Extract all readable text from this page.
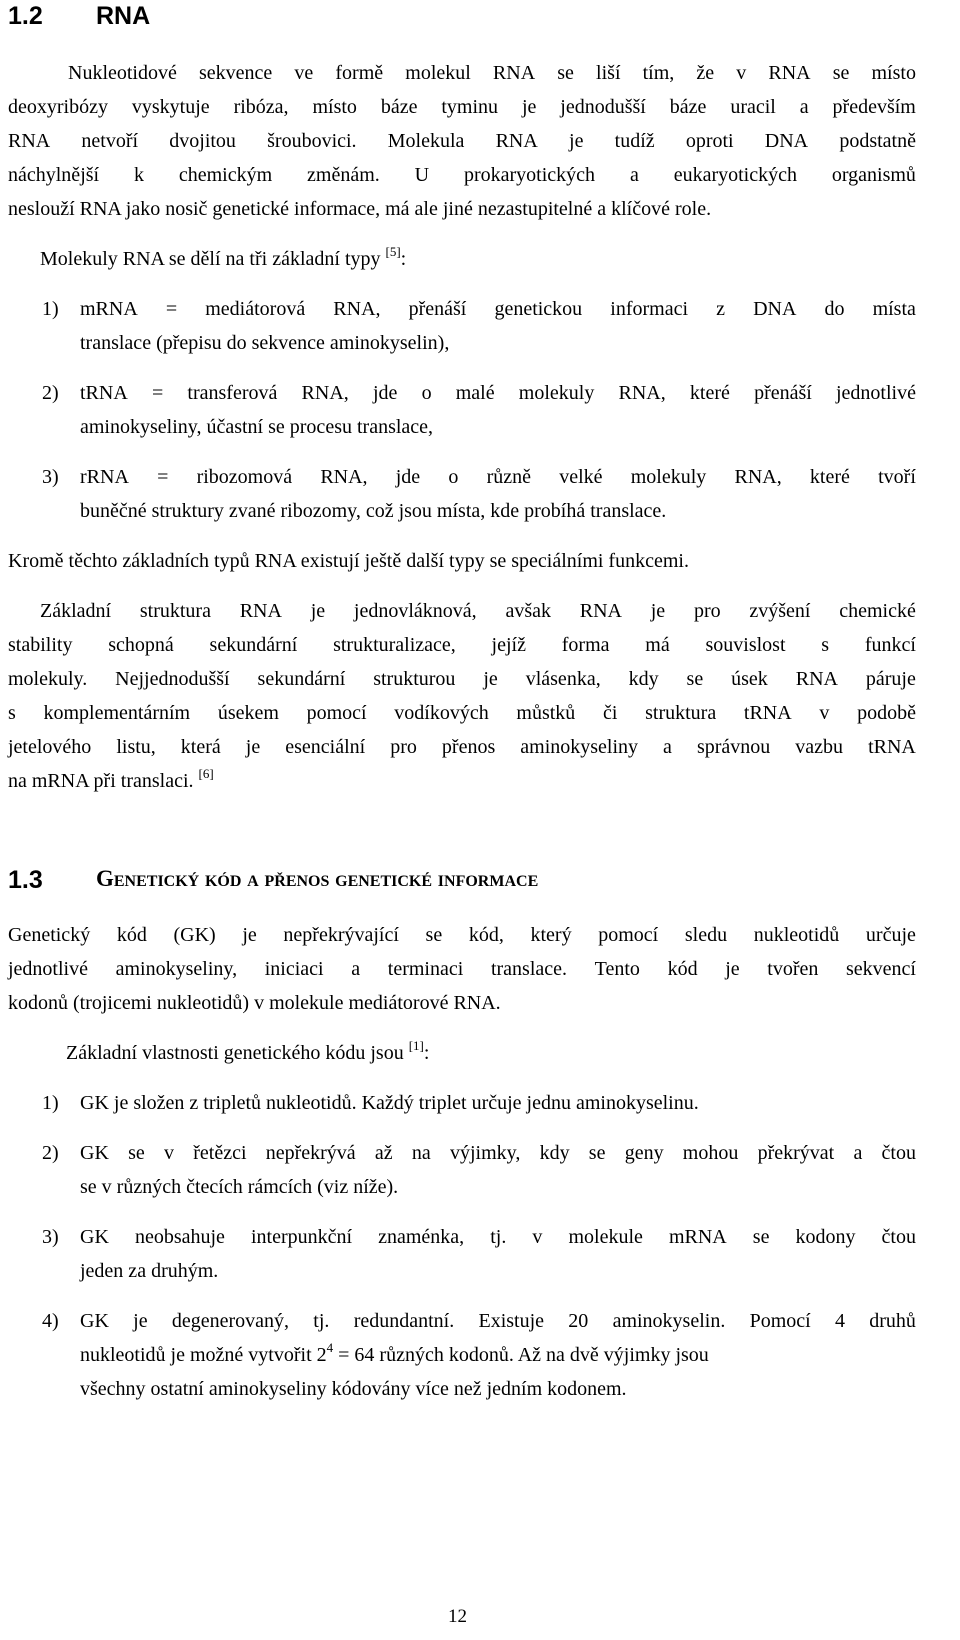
1.2 RNA
Nukleotidové sekvence ve formě molekul RNA se liší tím, že v RNA se místo
deoxyribózy vyskytuje ribóza, místo báze tyminu je jednodušší báze uracil a především
RNA netvoří dvojitou šroubovici. Molekula RNA je tudíž oproti DNA podstatně
náchylnější k chemickým změnám. U prokaryotických a eukaryotických organismů
neslouží RNA jako nosič genetické informace, má ale jiné nezastupitelné a klíčové role.
Molekuly RNA se dělí na tři základní typy [5]:
1) mRNA = mediátorová RNA, přenáší genetickou informaci z DNA do místa
translace (přepisu do sekvence aminokyselin),
2) tRNA = transferová RNA, jde o malé molekuly RNA, které přenáší jednotlivé
aminokyseliny, účastní se procesu translace,
3) rRNA = ribozomová RNA, jde o různě velké molekuly RNA, které tvoří
buněčné struktury zvané ribozomy, což jsou místa, kde probíhá translace.
Kromě těchto základních typů RNA existují ještě další typy se speciálními funkcemi.
Základní struktura RNA je jednovláknová, avšak RNA je pro zvýšení chemické
stability schopná sekundární strukturalizace, jejíž forma má souvislost s funkcí
molekuly. Nejjednodušší sekundární strukturou je vlásenka, kdy se úsek RNA páruje
s komplementárním úsekem pomocí vodíkových můstků či struktura tRNA v podobě
jetelového listu, která je esenciální pro přenos aminokyseliny a správnou vazbu tRNA
na mRNA při translaci. [6]
1.3 Genetický kód a přenos genetické informace
Genetický kód (GK) je nepřekrývající se kód, který pomocí sledu nukleotidů určuje
jednotlivé aminokyseliny, iniciaci a terminaci translace. Tento kód je tvořen sekvencí
kodonů (trojicemi nukleotidů) v molekule mediátorové RNA.
Základní vlastnosti genetického kódu jsou [1]:
1) GK je složen z tripletů nukleotidů. Každý triplet určuje jednu aminokyselinu.
2) GK se v řetězci nepřekrývá až na výjimky, kdy se geny mohou překrývat a čtou
se v různých čtecích rámcích (viz níže).
3) GK neobsahuje interpunkční znaménka, tj. v molekule mRNA se kodony čtou
jeden za druhým.
4) GK je degenerovaný, tj. redundantní. Existuje 20 aminokyselin. Pomocí 4 druhů
nukleotidů je možné vytvořit $2^4 = 64$ různých kodonů. Až na dvě výjimky jsou
všechny ostatní aminokyseliny kódovány více než jedním kodonem.
12
